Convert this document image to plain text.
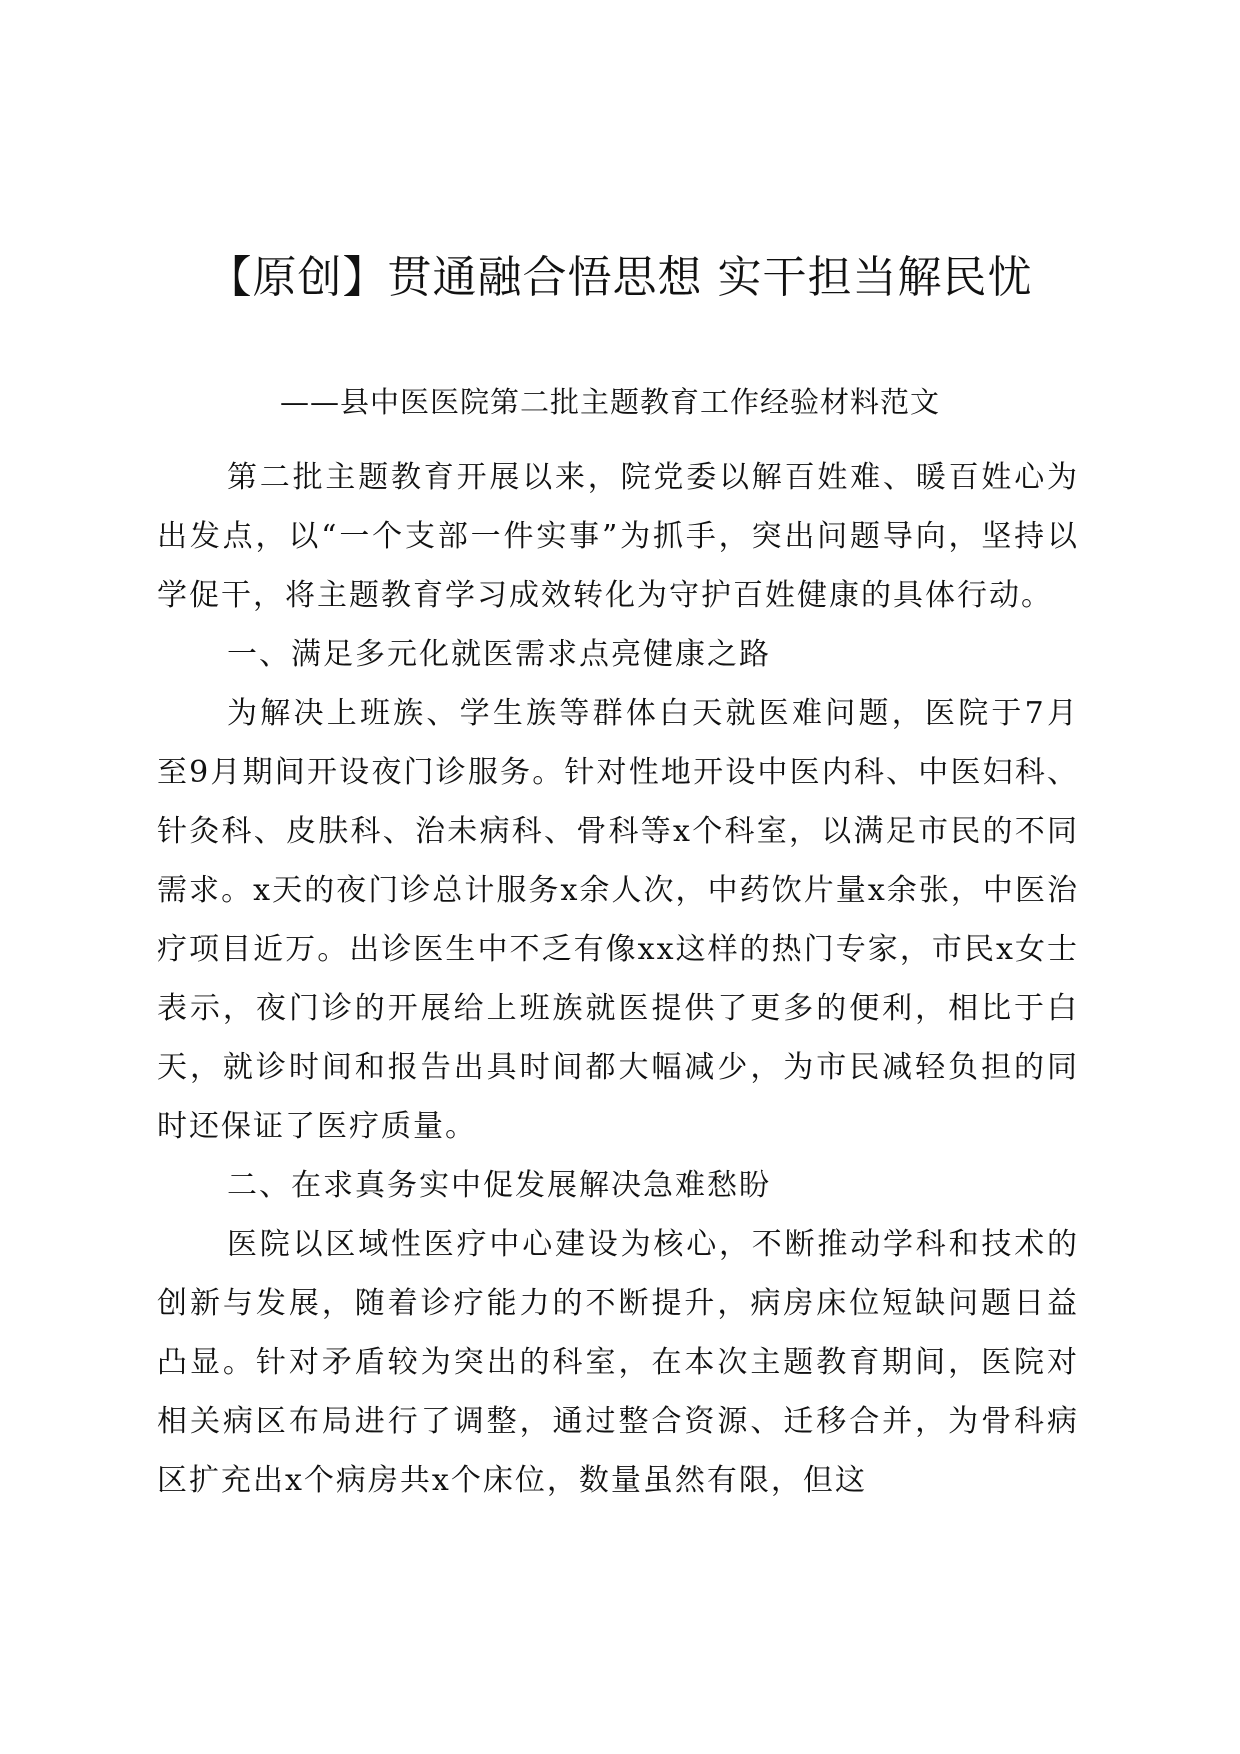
【原创】贯通融合悟思想 实干担当解民忧

——县中医医院第二批主题教育工作经验材料范文

第二批主题教育开展以来，院党委以解百姓难、暖百姓心为出发点，以“一个支部一件实事”为抓手，突出问题导向，坚持以学促干，将主题教育学习成效转化为守护百姓健康的具体行动。

一、满足多元化就医需求点亮健康之路

为解决上班族、学生族等群体白天就医难问题，医院于7月至9月期间开设夜门诊服务。针对性地开设中医内科、中医妇科、针灸科、皮肤科、治未病科、骨科等x个科室，以满足市民的不同需求。x天的夜门诊总计服务x余人次，中药饮片量x余张，中医治疗项目近万。出诊医生中不乏有像xx这样的热门专家，市民x女士表示，夜门诊的开展给上班族就医提供了更多的便利，相比于白天，就诊时间和报告出具时间都大幅减少，为市民减轻负担的同时还保证了医疗质量。

二、在求真务实中促发展解决急难愁盼

医院以区域性医疗中心建设为核心，不断推动学科和技术的创新与发展，随着诊疗能力的不断提升，病房床位短缺问题日益凸显。针对矛盾较为突出的科室，在本次主题教育期间，医院对相关病区布局进行了调整，通过整合资源、迁移合并，为骨科病区扩充出x个病房共x个床位，数量虽然有限，但这
